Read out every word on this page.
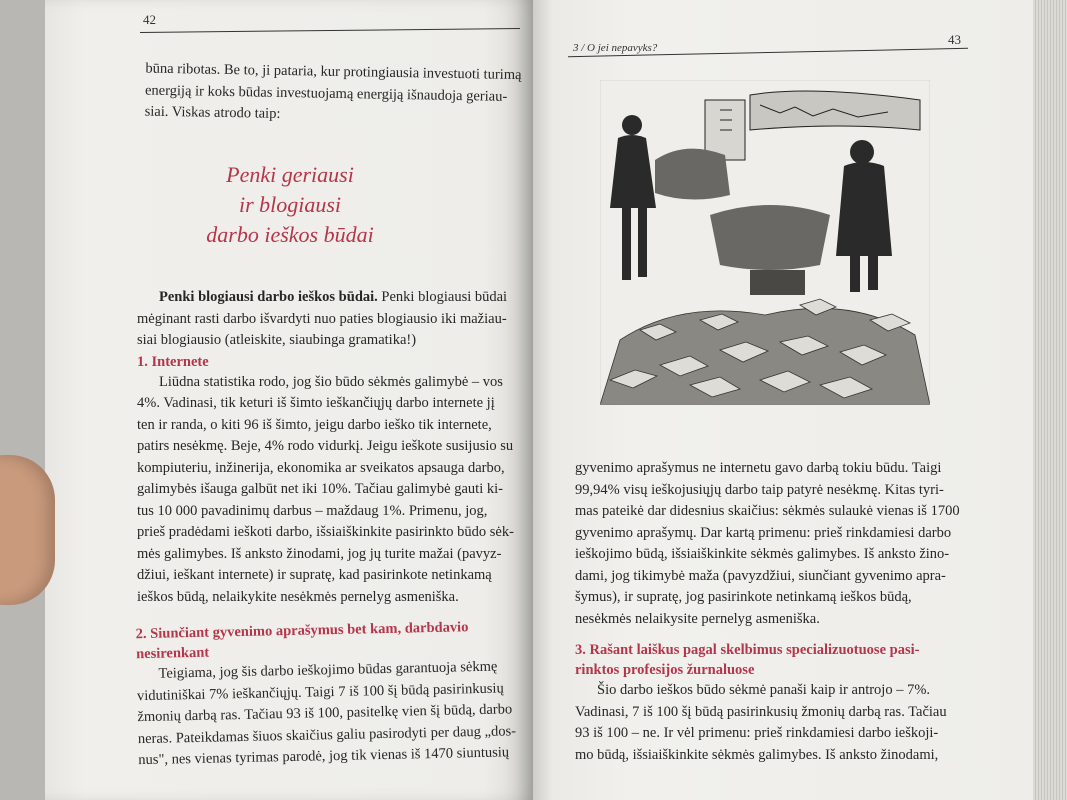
42

būna ribotas. Be to, ji pataria, kur protingiausia investuoti turimą

energiją ir koks būdas investuojamą energiją išnaudoja geriau-

siai. Viskas atrodo taip:

Penki geriausi
ir blogiausi
darbo ieškos būdai

Penki blogiausi darbo ieškos būdai. Penki blogiausi būdai

mėginant rasti darbo išvardyti nuo paties blogiausio iki mažiau-

siai blogiausio (atleiskite, siaubinga gramatika!)

1. Internete

Liūdna statistika rodo, jog šio būdo sėkmės galimybė – vos

4%. Vadinasi, tik keturi iš šimto ieškančiųjų darbo internete jį

ten ir randa, o kiti 96 iš šimto, jeigu darbo ieško tik internete,

patirs nesėkmę. Beje, 4% rodo vidurkį. Jeigu ieškote susijusio su

kompiuteriu, inžinerija, ekonomika ar sveikatos apsauga darbo,

galimybės išauga galbūt net iki 10%. Tačiau galimybė gauti ki-

tus 10 000 pavadinimų darbus – maždaug 1%. Primenu, jog,

prieš pradėdami ieškoti darbo, išsiaiškinkite pasirinkto būdo sėk-

mės galimybes. Iš anksto žinodami, jog jų turite mažai (pavyz-

džiui, ieškant internete) ir supratę, kad pasirinkote netinkamą

ieškos būdą, nelaikykite nesėkmės pernelyg asmeniška.

2. Siunčiant gyvenimo aprašymus bet kam, darbdavio

nesirenkant

Teigiama, jog šis darbo ieškojimo būdas garantuoja sėkmę

vidutiniškai 7% ieškančiųjų. Taigi 7 iš 100 šį būdą pasirinkusių

žmonių darbą ras. Tačiau 93 iš 100, pasitelkę vien šį būdą, darbo

neras. Pateikdamas šiuos skaičius galiu pasirodyti per daug „dos-

nus", nes vienas tyrimas parodė, jog tik vienas iš 1470 siuntusių

3 / O jei nepavyks?
43

gyvenimo aprašymus ne internetu gavo darbą tokiu būdu. Taigi

99,94% visų ieškojusiųjų darbo taip patyrė nesėkmę. Kitas tyri-

mas pateikė dar didesnius skaičius: sėkmės sulaukė vienas iš 1700

gyvenimo aprašymų. Dar kartą primenu: prieš rinkdamiesi darbo

ieškojimo būdą, išsiaiškinkite sėkmės galimybes. Iš anksto žino-

dami, jog tikimybė maža (pavyzdžiui, siunčiant gyvenimo apra-

šymus), ir supratę, jog pasirinkote netinkamą ieškos būdą,

nesėkmės nelaikysite pernelyg asmeniška.

3. Rašant laiškus pagal skelbimus specializuotuose pasi-

rinktos profesijos žurnaluose

Šio darbo ieškos būdo sėkmė panaši kaip ir antrojo – 7%.

Vadinasi, 7 iš 100 šį būdą pasirinkusių žmonių darbą ras. Tačiau

93 iš 100 – ne. Ir vėl primenu: prieš rinkdamiesi darbo ieškoji-

mo būdą, išsiaiškinkite sėkmės galimybes. Iš anksto žinodami,
